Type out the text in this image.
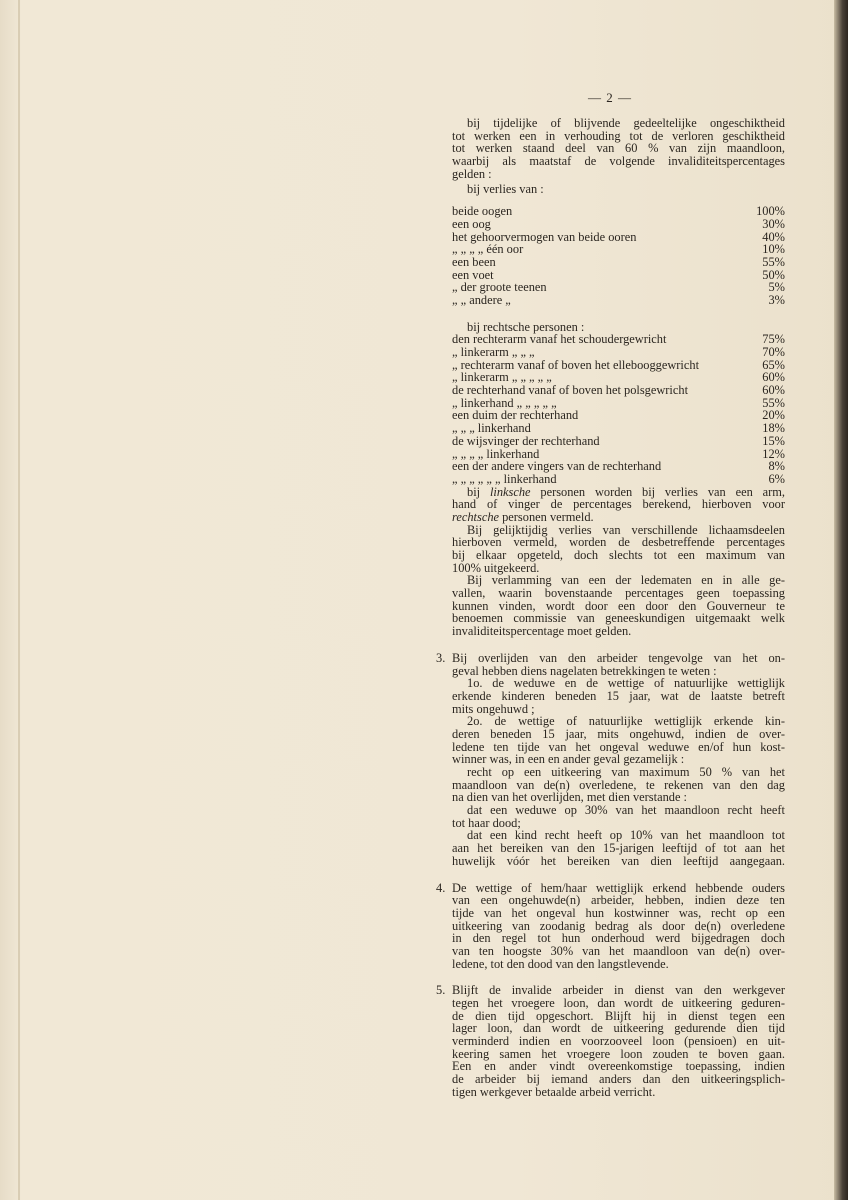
— 2 —
bij tijdelijke of blijvende gedeeltelijke ongeschiktheid
tot werken een in verhouding tot de verloren geschiktheid
tot werken staand deel van 60 % van zijn maandloon,
waarbij als maatstaf de volgende invaliditeitspercentages
gelden :
bij verlies van :
beide oogen	100%
een oog	30%
het gehoorvermogen van beide ooren	40%
„ „ „ „ één oor	10%
een been	55%
een voet	50%
„ der groote teenen	5%
„ „ andere „	3%
bij rechtsche personen :
den rechterarm vanaf het schoudergewricht	75%
„ linkerarm „ „ „	70%
„ rechterarm vanaf of boven het ellebooggewricht	65%
„ linkerarm „ „ „ „ „	60%
de rechterhand vanaf of boven het polsgewricht	60%
„ linkerhand „ „ „ „ „	55%
een duim der rechterhand	20%
„ „ „ linkerhand	18%
de wijsvinger der rechterhand	15%
„ „ „ „ linkerhand	12%
een der andere vingers van de rechterhand	8%
„ „ „ „ „ „ linkerhand	6%
bij linksche personen worden bij verlies van een arm,
hand of vinger de percentages berekend, hierboven voor
rechtsche personen vermeld.
Bij gelijktijdig verlies van verschillende lichaamsdeelen
hierboven vermeld, worden de desbetreffende percentages
bij elkaar opgeteld, doch slechts tot een maximum van
100% uitgekeerd.
Bij verlamming van een der ledematen en in alle ge-
vallen, waarin bovenstaande percentages geen toepassing
kunnen vinden, wordt door een door den Gouverneur te
benoemen commissie van geneeskundigen uitgemaakt welk
invaliditeitspercentage moet gelden.
3. Bij overlijden van den arbeider tengevolge van het on-
geval hebben diens nagelaten betrekkingen te weten :
1o. de weduwe en de wettige of natuurlijke wettiglijk
erkende kinderen beneden 15 jaar, wat de laatste betreft
mits ongehuwd ;
2o. de wettige of natuurlijke wettiglijk erkende kin-
deren beneden 15 jaar, mits ongehuwd, indien de over-
ledene ten tijde van het ongeval weduwe en/of hun kost-
winner was, in een en ander geval gezamelijk :
recht op een uitkeering van maximum 50 % van het
maandloon van de(n) overledene, te rekenen van den dag
na dien van het overlijden, met dien verstande :
dat een weduwe op 30% van het maandloon recht heeft
tot haar dood;
dat een kind recht heeft op 10% van het maandloon tot
aan het bereiken van den 15-jarigen leeftijd of tot aan het
huwelijk vóór het bereiken van dien leeftijd aangegaan.
4. De wettige of hem/haar wettiglijk erkend hebbende ouders
van een ongehuwde(n) arbeider, hebben, indien deze ten
tijde van het ongeval hun kostwinner was, recht op een
uitkeering van zoodanig bedrag als door de(n) overledene
in den regel tot hun onderhoud werd bijgedragen doch
van ten hoogste 30% van het maandloon van de(n) over-
ledene, tot den dood van den langstlevende.
5. Blijft de invalide arbeider in dienst van den werkgever
tegen het vroegere loon, dan wordt de uitkeering geduren-
de dien tijd opgeschort. Blijft hij in dienst tegen een
lager loon, dan wordt de uitkeering gedurende dien tijd
verminderd indien en voorzooveel loon (pensioen) en uit-
keering samen het vroegere loon zouden te boven gaan.
Een en ander vindt overeenkomstige toepassing, indien
de arbeider bij iemand anders dan den uitkeeringsplich-
tigen werkgever betaalde arbeid verricht.
